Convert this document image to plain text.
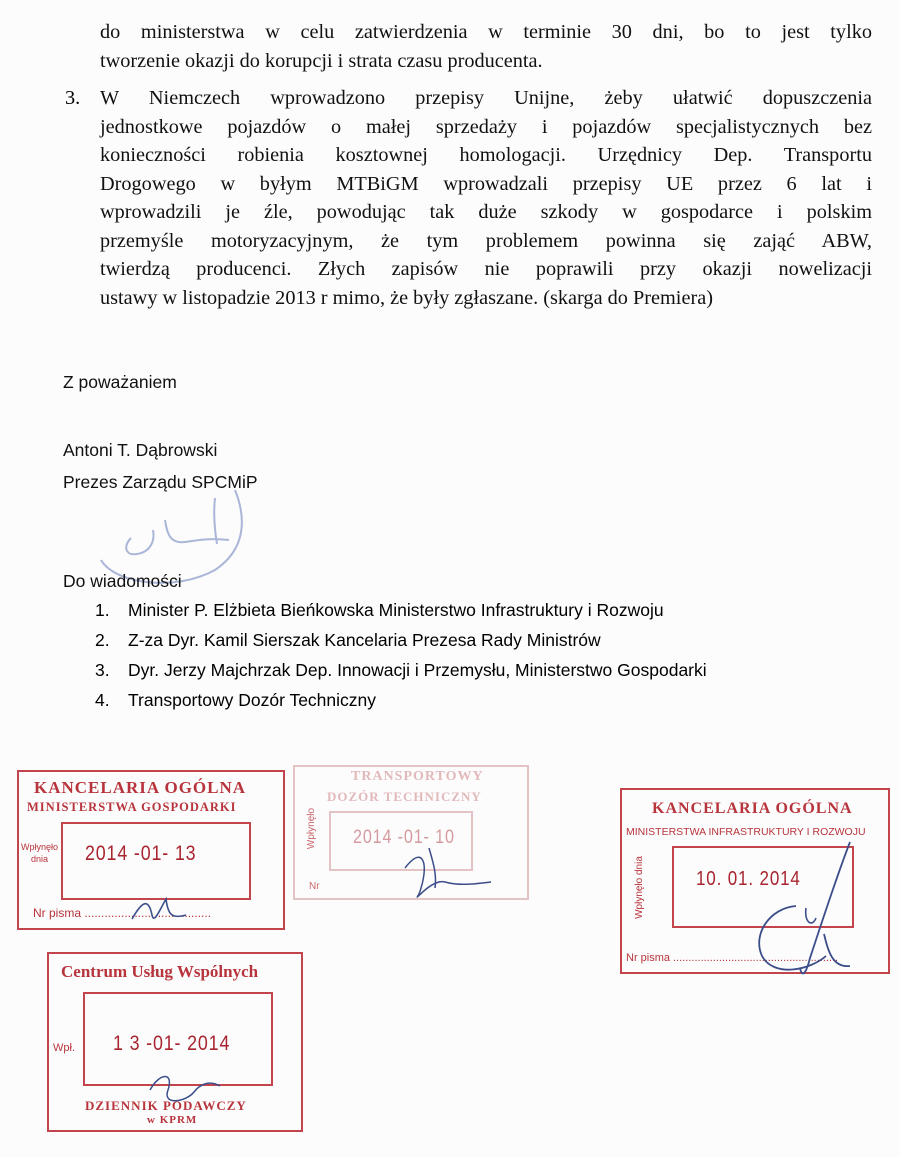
do ministerstwa w celu zatwierdzenia w terminie 30 dni, bo to jest tylko
tworzenie okazji do korupcji i strata czasu producenta.
3. W Niemczech wprowadzono przepisy Unijne, żeby ułatwić dopuszczenia
jednostkowe pojazdów o małej sprzedaży i pojazdów specjalistycznych bez
konieczności robienia kosztownej homologacji. Urzędnicy Dep. Transportu
Drogowego w byłym MTBiGM wprowadzali przepisy UE przez 6 lat i
wprowadzili je źle, powodując tak duże szkody w gospodarce i polskim
przemyśle motoryzacyjnym, że tym problemem powinna się zająć ABW,
twierdzą producenci. Złych zapisów nie poprawili przy okazji nowelizacji
ustawy w listopadzie 2013 r mimo, że były zgłaszane. (skarga do Premiera)
Z poważaniem
Antoni T. Dąbrowski
Prezes Zarządu SPCMiP
Do wiadomości
1. Minister P. Elżbieta Bieńkowska Ministerstwo Infrastruktury i Rozwoju
2. Z-za Dyr. Kamil Sierszak Kancelaria Prezesa Rady Ministrów
3. Dyr. Jerzy Majchrzak Dep. Innowacji i Przemysłu, Ministerstwo Gospodarki
4. Transportowy Dozór Techniczny
KANCELARIA OGÓLNA
MINISTERSTWA GOSPODARKI
Wpłynęło
dnia 2014 -01- 13
Nr pisma ......................................
TRANSPORTOWY
DOZÓR TECHNICZNY
Wpłynęło 2014 -01- 10
Nr
KANCELARIA OGÓLNA
MINISTERSTWA INFRASTRUKTURY I ROZWOJU
Wpłynęło dnia	10. 01. 2014
Nr pisma ......................................................
Centrum Usług Wspólnych
Wpł. 1 3 -01- 2014
DZIENNIK PODAWCZY
w KPRM
